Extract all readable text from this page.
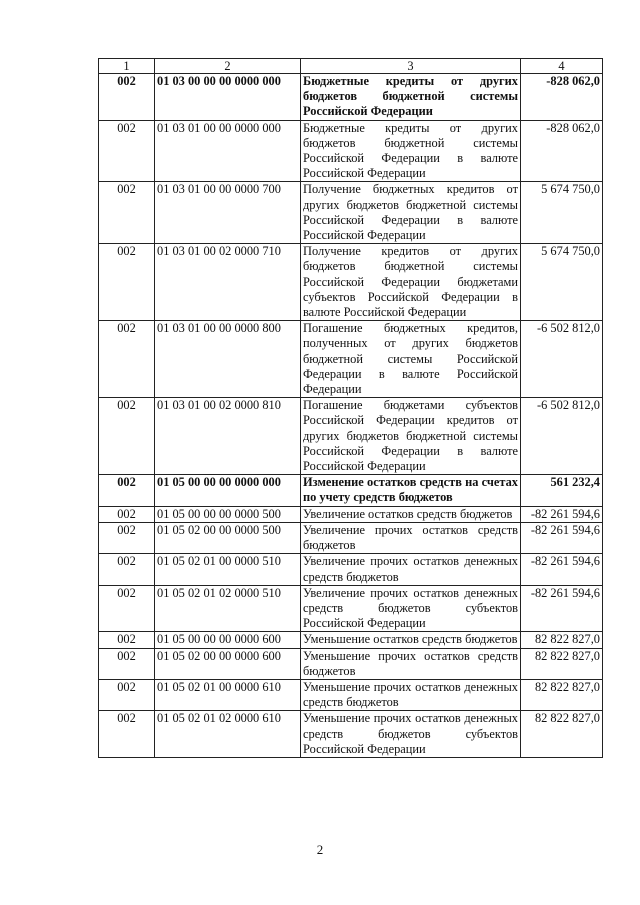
1	2	3	4
002	01 03 00 00 00 0000 000	Бюджетные кредиты от других бюджетов бюджетной системы Российской Федерации	-828 062,0
002	01 03 01 00 00 0000 000	Бюджетные кредиты от других бюджетов бюджетной системы Российской Федерации в валюте Российской Федерации	-828 062,0
002	01 03 01 00 00 0000 700	Получение бюджетных кредитов от других бюджетов бюджетной системы Российской Федерации в валюте Российской Федерации	5 674 750,0
002	01 03 01 00 02 0000 710	Получение кредитов от других бюджетов бюджетной системы Российской Федерации бюджетами субъектов Российской Федерации в валюте Российской Федерации	5 674 750,0
002	01 03 01 00 00 0000 800	Погашение бюджетных кредитов, полученных от других бюджетов бюджетной системы Российской Федерации в валюте Российской Федерации	-6 502 812,0
002	01 03 01 00 02 0000 810	Погашение бюджетами субъектов Российской Федерации кредитов от других бюджетов бюджетной системы Российской Федерации в валюте Российской Федерации	-6 502 812,0
002	01 05 00 00 00 0000 000	Изменение остатков средств на счетах по учету средств бюджетов	561 232,4
002	01 05 00 00 00 0000 500	Увеличение остатков средств бюджетов	-82 261 594,6
002	01 05 02 00 00 0000 500	Увеличение прочих остатков средств бюджетов	-82 261 594,6
002	01 05 02 01 00 0000 510	Увеличение прочих остатков денежных средств бюджетов	-82 261 594,6
002	01 05 02 01 02 0000 510	Увеличение прочих остатков денежных средств бюджетов субъектов Российской Федерации	-82 261 594,6
002	01 05 00 00 00 0000 600	Уменьшение остатков средств бюджетов	82 822 827,0
002	01 05 02 00 00 0000 600	Уменьшение прочих остатков средств бюджетов	82 822 827,0
002	01 05 02 01 00 0000 610	Уменьшение прочих остатков денежных средств бюджетов	82 822 827,0
002	01 05 02 01 02 0000 610	Уменьшение прочих остатков денежных средств бюджетов субъектов Российской Федерации	82 822 827,0
2
